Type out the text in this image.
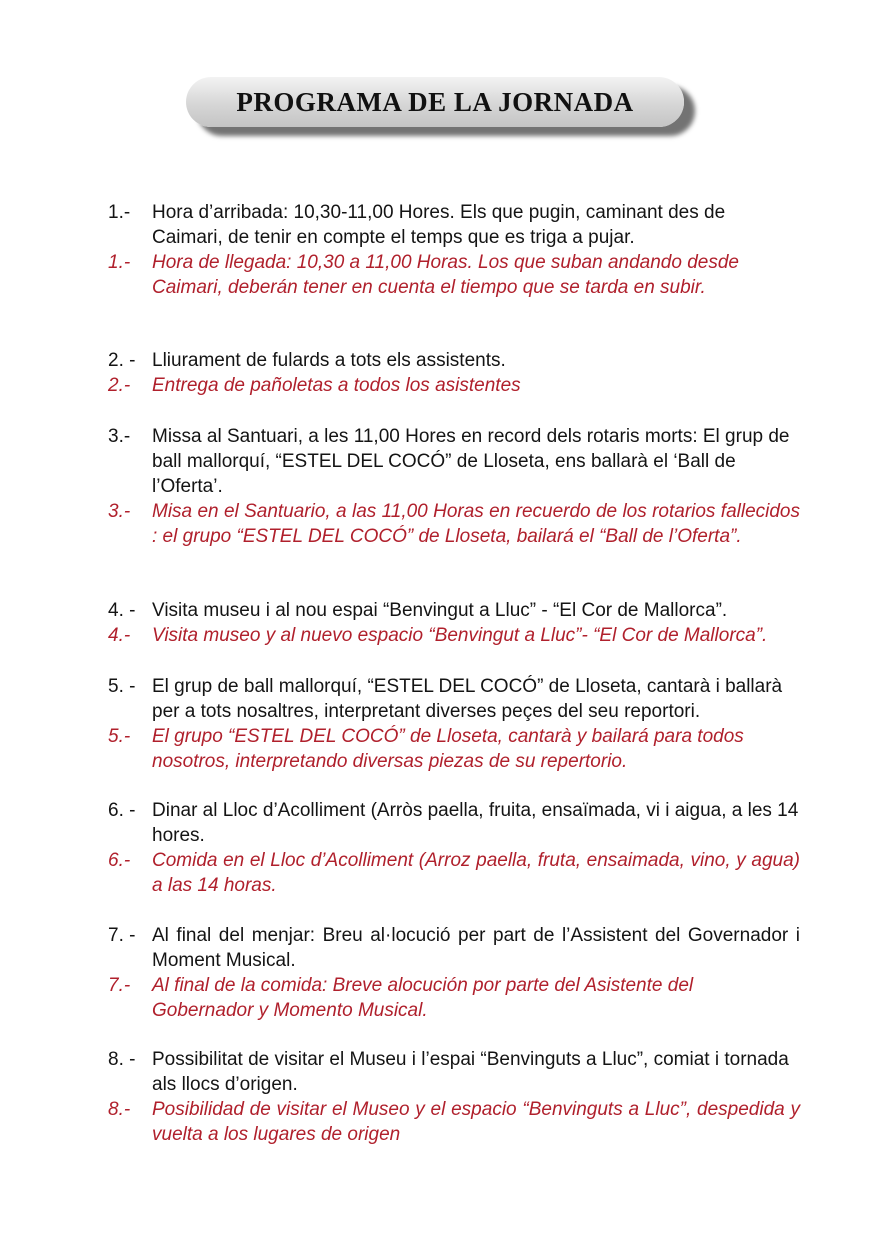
PROGRAMA DE LA JORNADA
1.-	Hora d’arribada: 10,30-11,00 Hores. Els que pugin, caminant des de Caimari, de tenir en compte el temps que es triga a pujar.
1.-	Hora de llegada: 10,30 a 11,00 Horas. Los que suban andando desde Caimari, deberán tener en cuenta el tiempo que se tarda en subir.
2. - Lliurament de fulards a tots els assistents.
2.-	Entrega de pañoletas a todos los asistentes
3.-	Missa al Santuari, a les 11,00 Hores en record dels rotaris morts: El grup de ball mallorquí, “ESTEL DEL COCÓ” de Lloseta, ens ballarà el ‘Ball de l’Oferta’.
3.-	Misa en el Santuario, a las 11,00 Horas en recuerdo de los rotarios fallecidos : el grupo “ESTEL DEL COCÓ” de Lloseta, bailará el “Ball de l’Oferta”.
4. - Visita museu i al nou espai “Benvingut a Lluc” - “El Cor de Mallorca”.
4.-	Visita museo y al nuevo espacio “Benvingut a Lluc”- “El Cor de Mallorca”.
5. - El grup de ball mallorquí, “ESTEL DEL COCÓ” de Lloseta, cantarà i ballarà per a tots nosaltres, interpretant diverses peçes del seu reportori.
5.-	El grupo “ESTEL DEL COCÓ” de Lloseta, cantarà y bailará para todos nosotros, interpretando diversas piezas de su repertorio.
6. - Dinar al Lloc d’Acolliment (Arròs paella, fruita, ensaïmada, vi i aigua, a les 14 hores.
6.-	Comida en el Lloc d’Acolliment (Arroz paella, fruta, ensaimada, vino, y agua) a las 14 horas.
7. - Al final del menjar: Breu al·locució per part de l’Assistent del Governador i Moment Musical.
7.-	Al final de la comida: Breve alocución por parte del Asistente del Gobernador y Momento Musical.
8. - Possibilitat de visitar el Museu i l’espai “Benvinguts a Lluc”, comiat i tornada als llocs d’origen.
8.-	Posibilidad de visitar el Museo y el espacio “Benvinguts a Lluc”, despedida y vuelta a los lugares de origen
